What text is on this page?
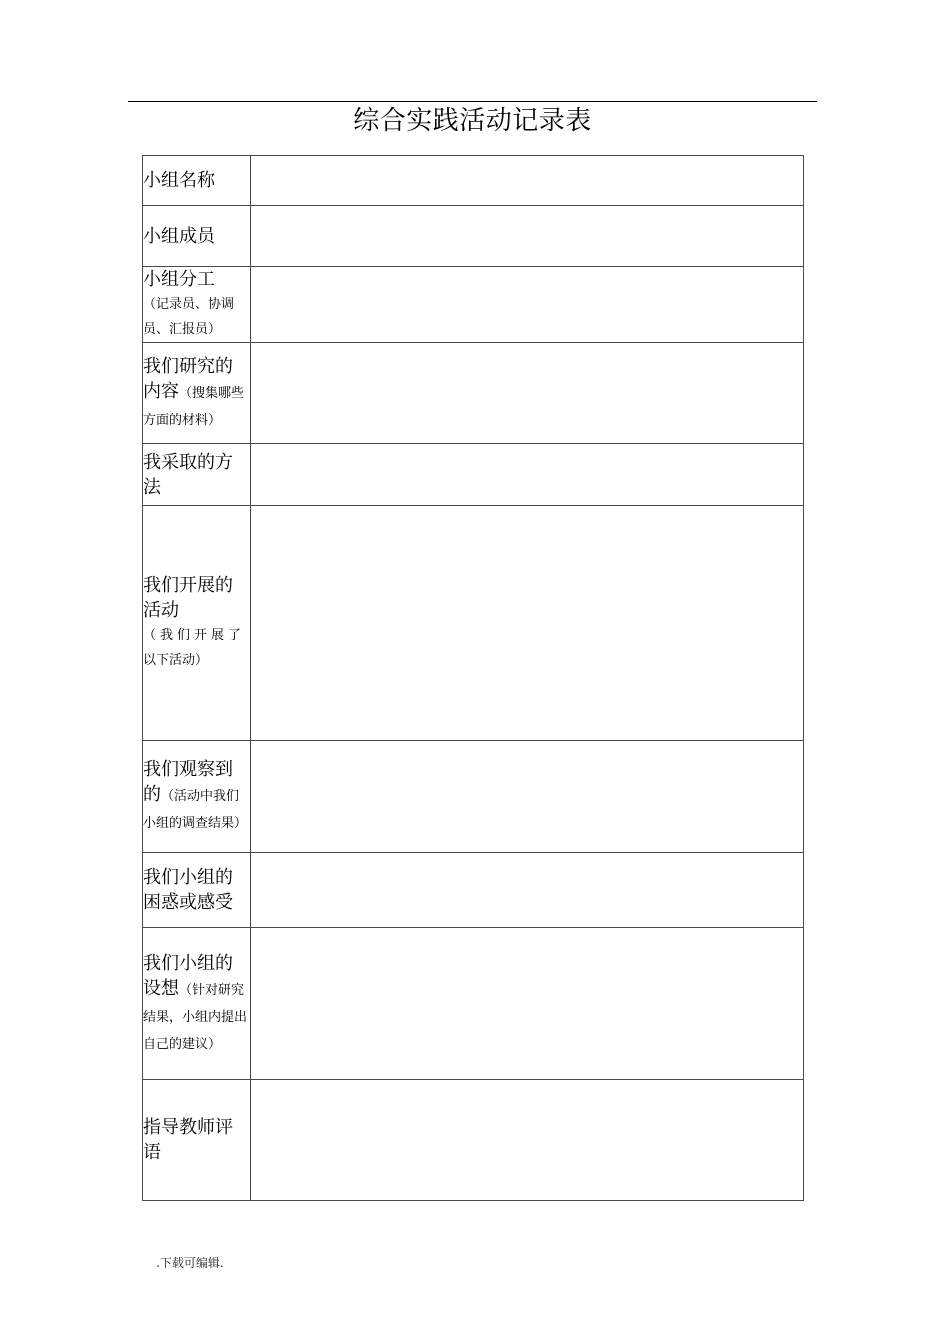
综合实践活动记录表
小组名称	

小组成员	

小组分工
（记录员、协调员、汇报员）	

我们研究的内容（搜集哪些方面的材料）	

我采取的方法	

我们开展的活动
（我们开展了
以下活动）	

我们观察到的（活动中我们小组的调查结果）	

我们小组的困惑或感受	

我们小组的设想（针对研究结果，小组内提出自己的建议）	

指导教师评语	

.下载可编辑.
